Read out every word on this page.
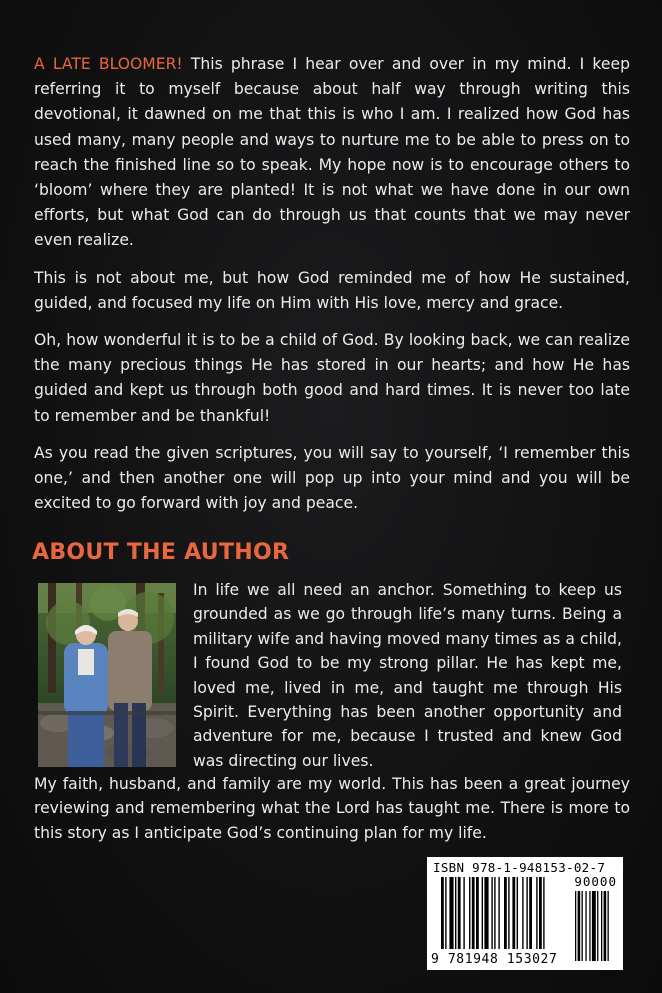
A LATE BLOOMER! This phrase I hear over and over in my mind. I keep referring it to myself because about half way through writing this devotional, it dawned on me that this is who I am. I realized how God has used many, many people and ways to nurture me to be able to press on to reach the finished line so to speak. My hope now is to encourage others to ‘bloom’ where they are planted! It is not what we have done in our own efforts, but what God can do through us that counts that we may never even realize.

This is not about me, but how God reminded me of how He sustained, guided, and focused my life on Him with His love, mercy and grace.

Oh, how wonderful it is to be a child of God. By looking back, we can realize the many precious things He has stored in our hearts; and how He has guided and kept us through both good and hard times. It is never too late to remember and be thankful!

As you read the given scriptures, you will say to yourself, ‘I remember this one,’ and then another one will pop up into your mind and you will be excited to go forward with joy and peace.

ABOUT THE AUTHOR
In life we all need an anchor. Something to keep us grounded as we go through life’s many turns. Being a military wife and having moved many times as a child, I found God to be my strong pillar. He has kept me, loved me, lived in me, and taught me through His Spirit. Everything has been another opportunity and adventure for me, because I trusted and knew God was directing our lives.
My faith, husband, and family are my world. This has been a great journey reviewing and remembering what the Lord has taught me. There is more to this story as I anticipate God’s continuing plan for my life.
ISBN 978-1-948153-02-7
90000
9 781948 153027
